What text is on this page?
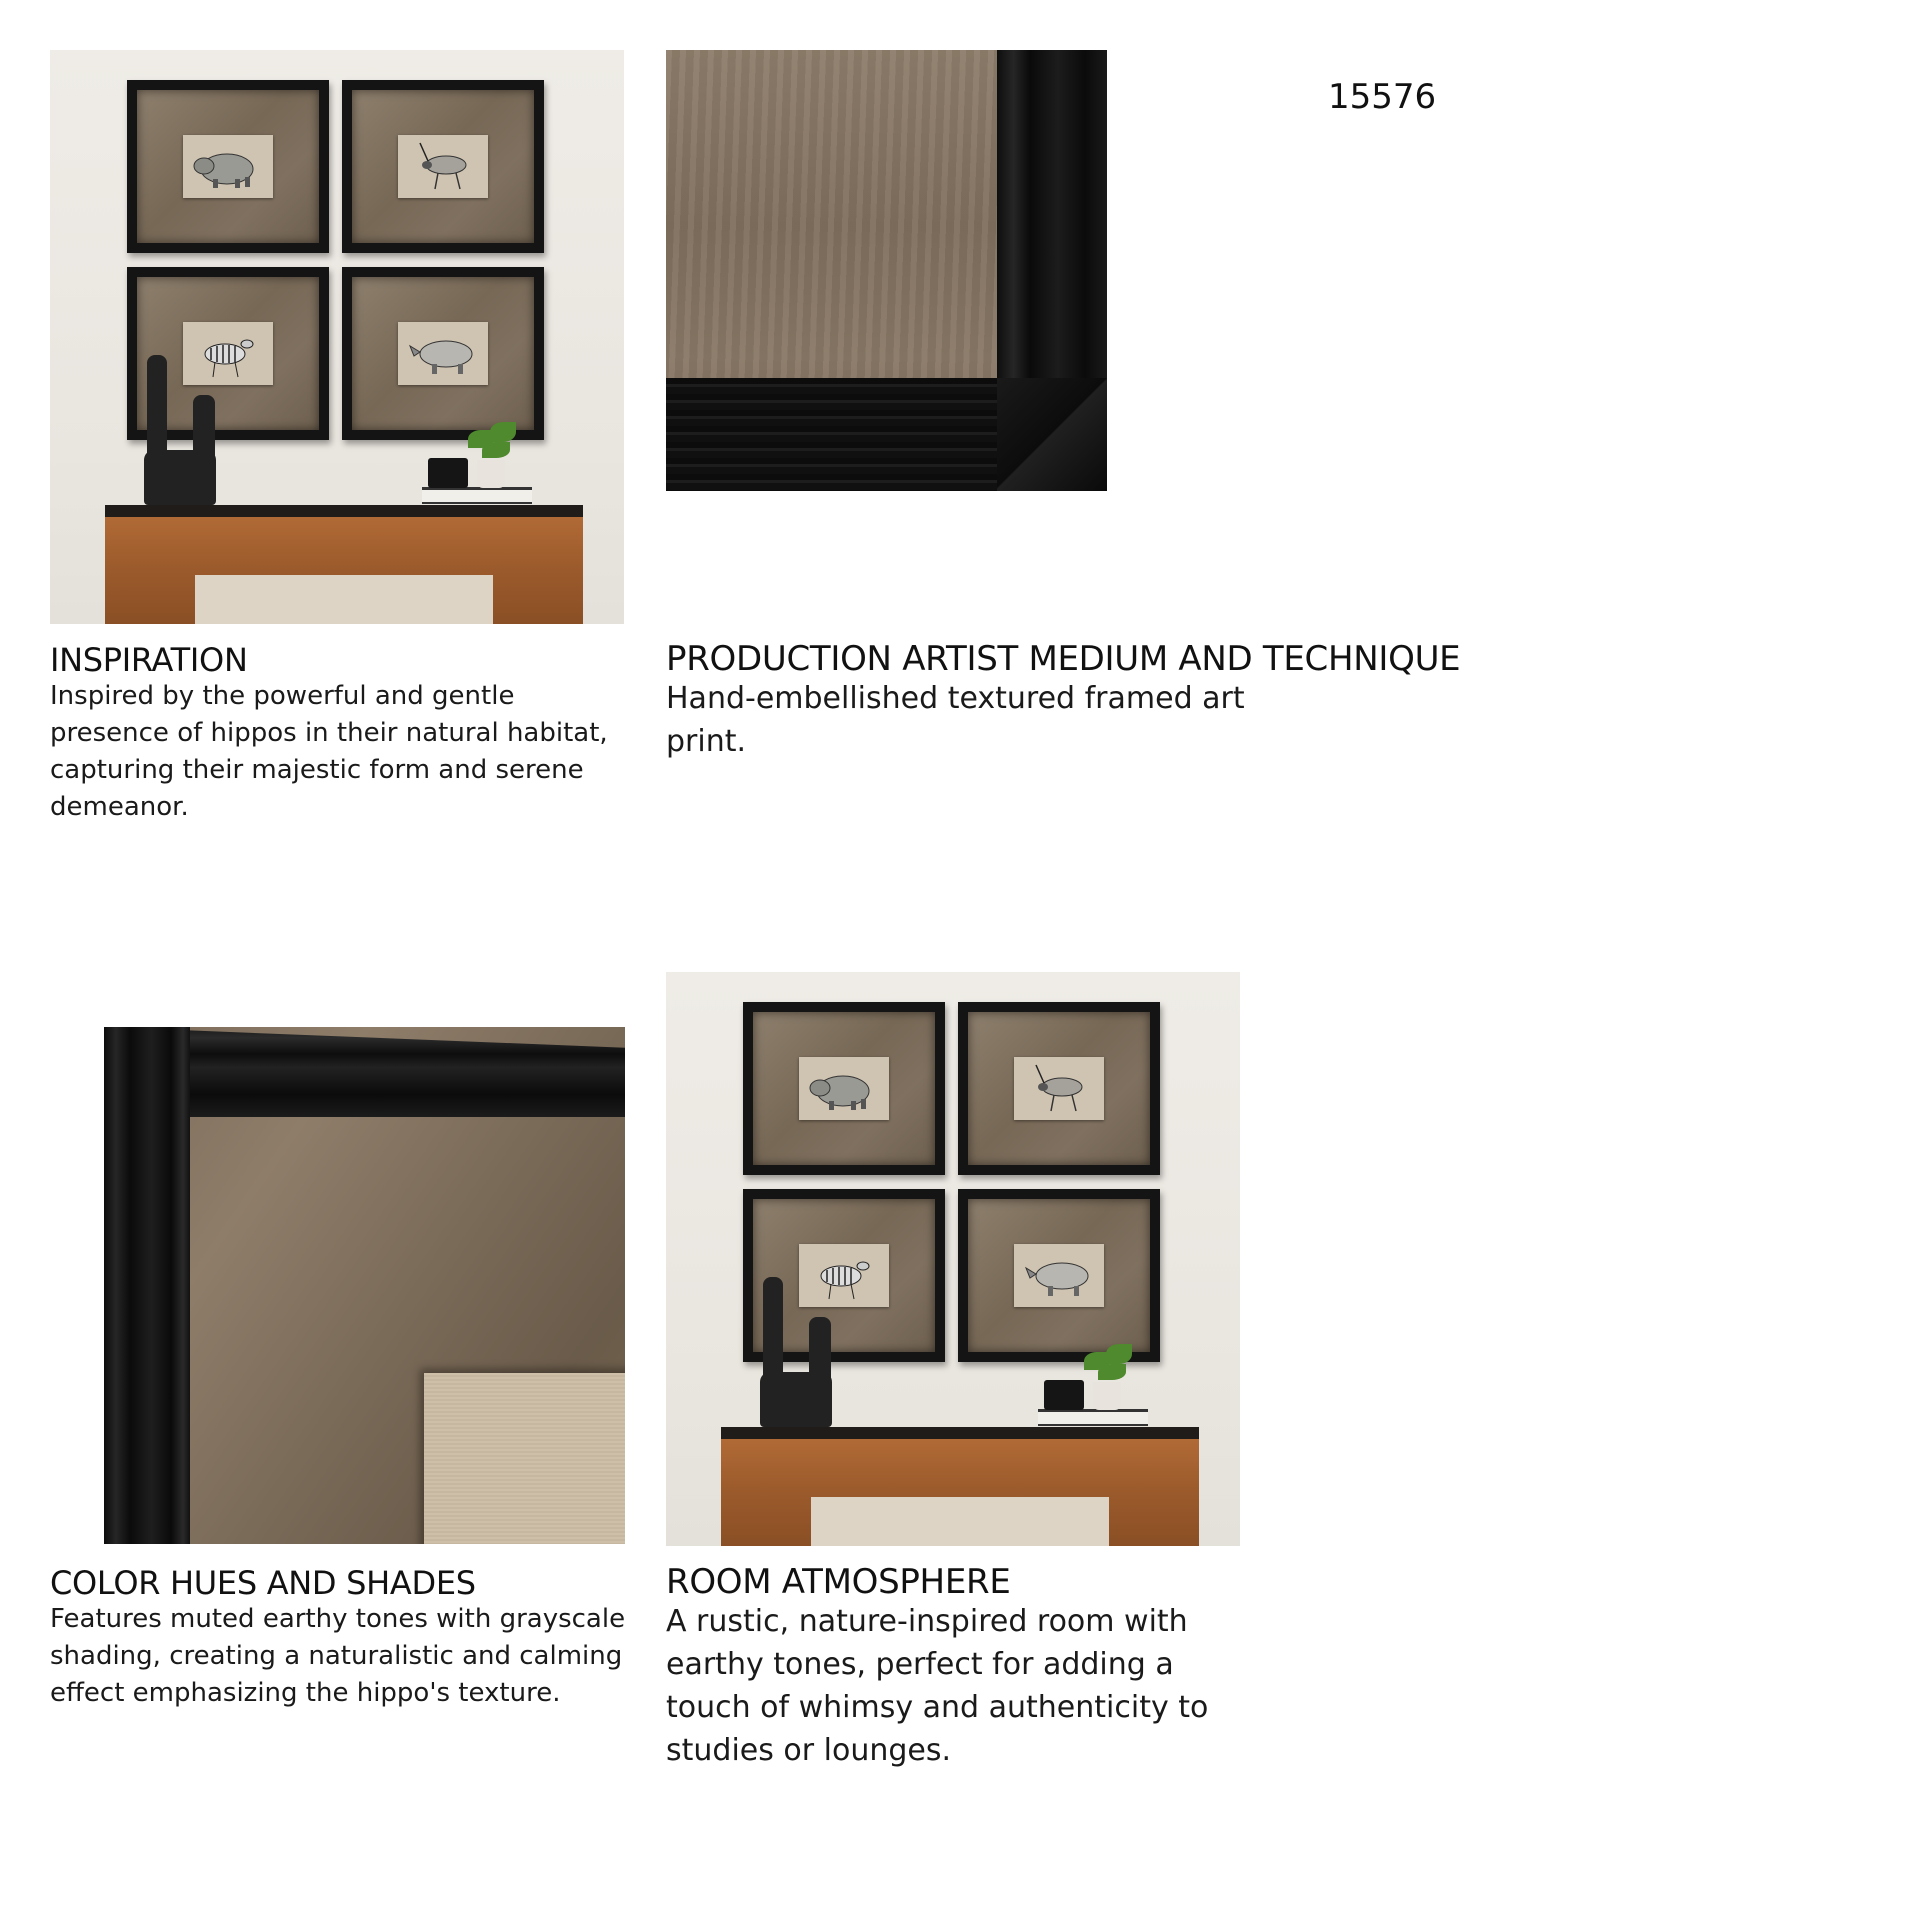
15576
INSPIRATION
Inspired by the powerful and gentle presence of hippos in their natural habitat, capturing their majestic form and serene demeanor.
PRODUCTION ARTIST MEDIUM AND TECHNIQUE
Hand-embellished textured framed art print.
COLOR HUES AND SHADES
Features muted earthy tones with grayscale shading, creating a naturalistic and calming effect emphasizing the hippo's texture.
ROOM ATMOSPHERE
A rustic, nature-inspired room with earthy tones, perfect for adding a touch of whimsy and authenticity to studies or lounges.
